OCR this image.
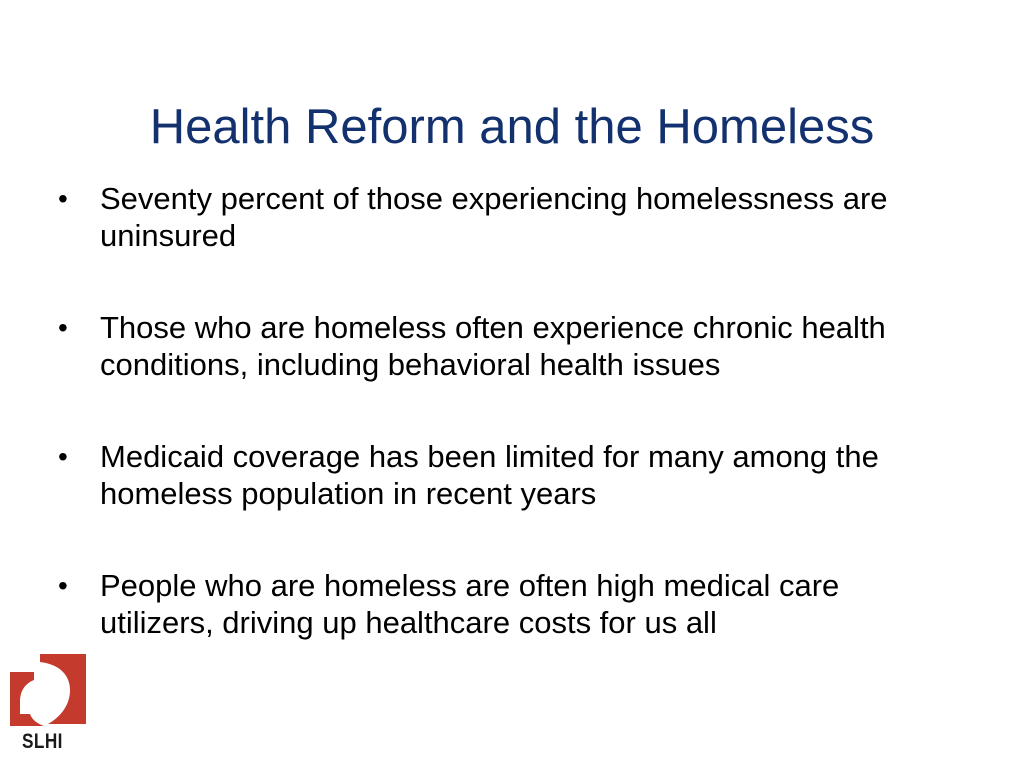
Health Reform and the Homeless
•	Seventy percent of those experiencing homelessness are uninsured
•	Those who are homeless often experience chronic health conditions, including behavioral health issues
•	Medicaid coverage has been limited for many among the homeless population in recent years
•	People who are homeless are often high medical care utilizers, driving up healthcare costs for us all
SLHI
